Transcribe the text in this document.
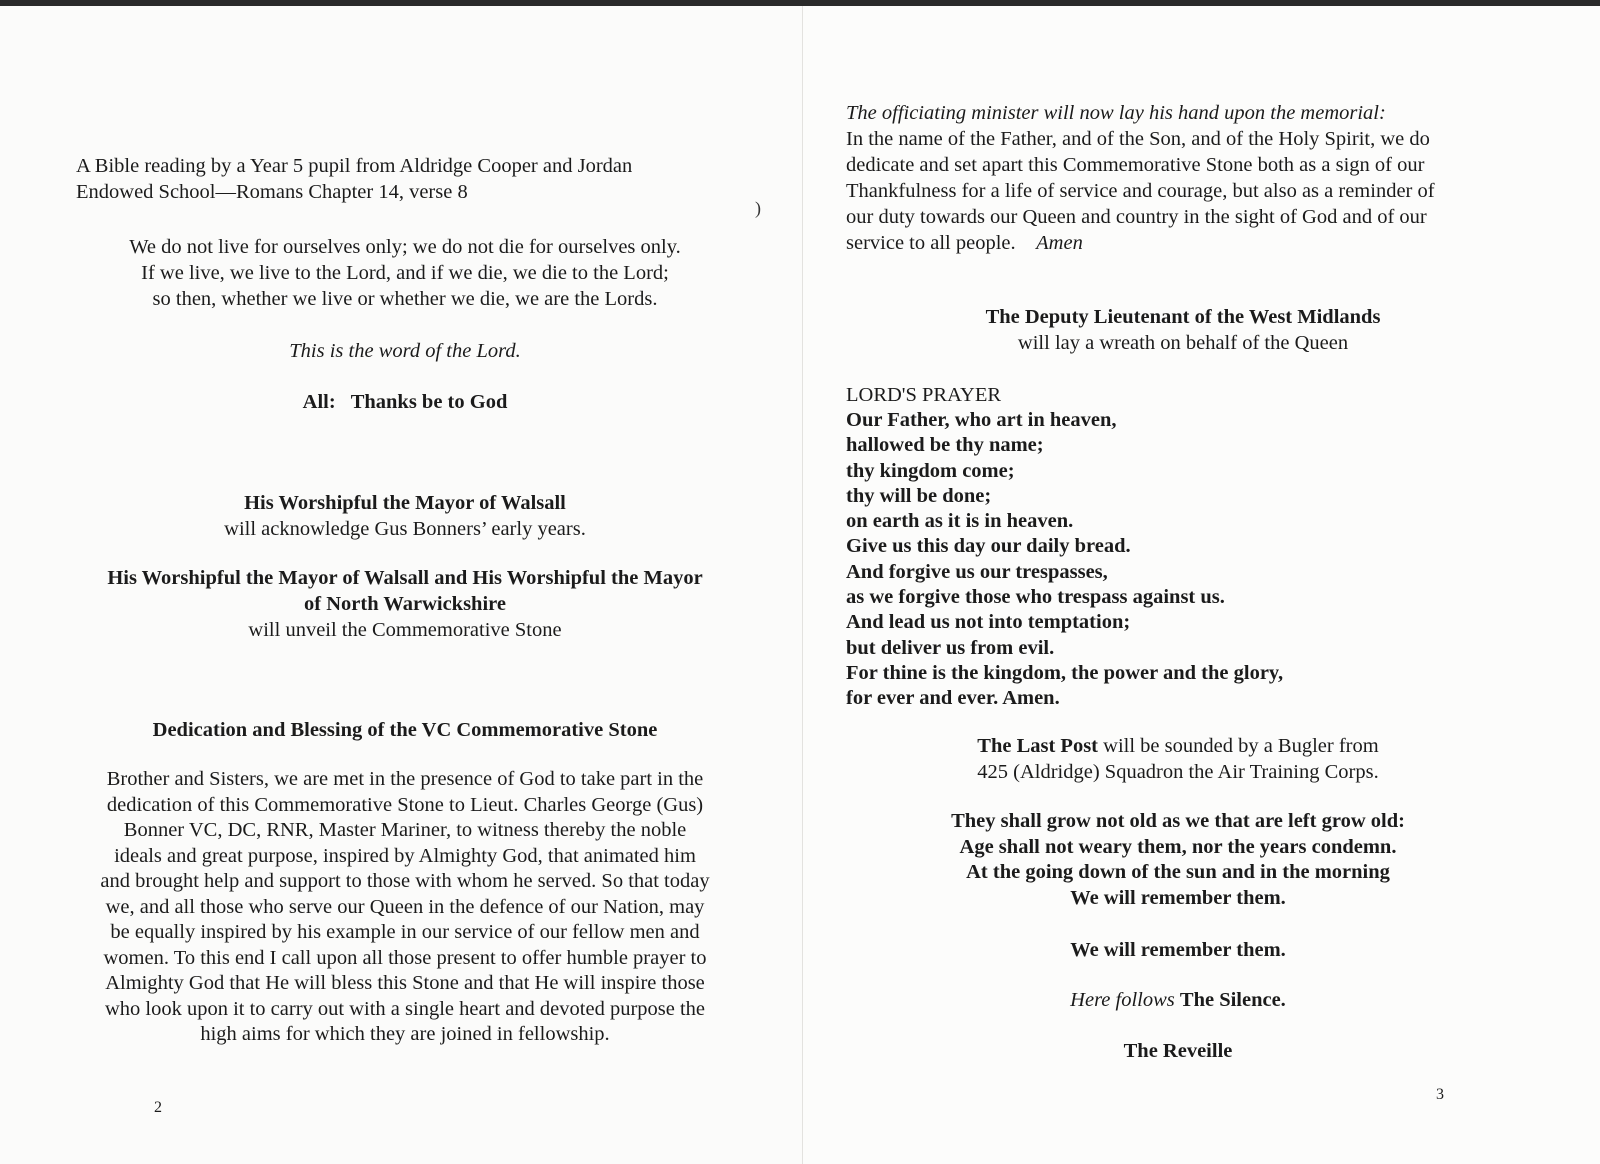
A Bible reading by a Year 5 pupil from Aldridge Cooper and Jordan
Endowed School—Romans Chapter 14, verse 8
)
We do not live for ourselves only; we do not die for ourselves only.
If we live, we live to the Lord, and if we die, we die to the Lord;
so then, whether we live or whether we die, we are the Lords.
This is the word of the Lord.
All: Thanks be to God
His Worshipful the Mayor of Walsall
will acknowledge Gus Bonners’ early years.
His Worshipful the Mayor of Walsall and His Worshipful the Mayor
of North Warwickshire
will unveil the Commemorative Stone
Dedication and Blessing of the VC Commemorative Stone
Brother and Sisters, we are met in the presence of God to take part in the
dedication of this Commemorative Stone to Lieut. Charles George (Gus)
Bonner VC, DC, RNR, Master Mariner, to witness thereby the noble
ideals and great purpose, inspired by Almighty God, that animated him
and brought help and support to those with whom he served. So that today
we, and all those who serve our Queen in the defence of our Nation, may
be equally inspired by his example in our service of our fellow men and
women. To this end I call upon all those present to offer humble prayer to
Almighty God that He will bless this Stone and that He will inspire those
who look upon it to carry out with a single heart and devoted purpose the
high aims for which they are joined in fellowship.
2
The officiating minister will now lay his hand upon the memorial:
In the name of the Father, and of the Son, and of the Holy Spirit, we do
dedicate and set apart this Commemorative Stone both as a sign of our
Thankfulness for a life of service and courage, but also as a reminder of
our duty towards our Queen and country in the sight of God and of our
service to all people. Amen
The Deputy Lieutenant of the West Midlands
will lay a wreath on behalf of the Queen
LORD'S PRAYER
Our Father, who art in heaven,
hallowed be thy name;
thy kingdom come;
thy will be done;
on earth as it is in heaven.
Give us this day our daily bread.
And forgive us our trespasses,
as we forgive those who trespass against us.
And lead us not into temptation;
but deliver us from evil.
For thine is the kingdom, the power and the glory,
for ever and ever. Amen.
The Last Post will be sounded by a Bugler from
425 (Aldridge) Squadron the Air Training Corps.
They shall grow not old as we that are left grow old:
Age shall not weary them, nor the years condemn.
At the going down of the sun and in the morning
We will remember them.
We will remember them.
Here follows The Silence.
The Reveille
3
